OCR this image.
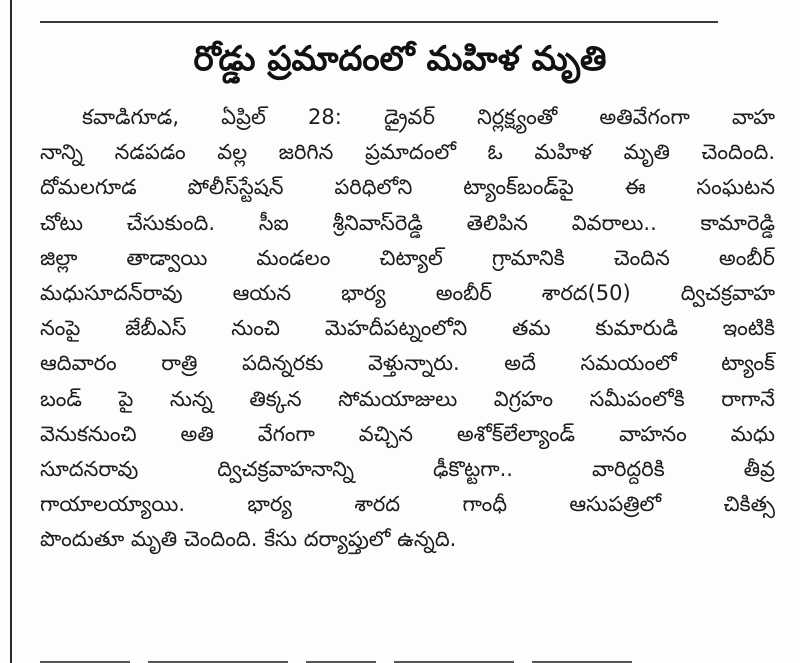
రోడ్డు ప్రమాదంలో మహిళ మృతి
కవాడిగూడ, ఏప్రిల్ 28: డ్రైవర్ నిర్లక్ష్యంతో అతివేగంగా వాహ
నాన్ని నడపడం వల్ల జరిగిన ప్రమాదంలో ఓ మహిళ మృతి చెందింది.
దోమలగూడ పోలీస్‌స్టేషన్ పరిధిలోని ట్యాంక్‌బండ్‌పై ఈ సంఘటన
చోటు చేసుకుంది. సీఐ శ్రీనివాస్‌రెడ్డి తెలిపిన వివరాలు.. కామారెడ్డి
జిల్లా తాడ్వాయి మండలం చిట్యాల్ గ్రామానికి చెందిన అంబీర్
మధుసూదన్‌రావు ఆయన భార్య అంబీర్ శారద(50) ద్విచక్రవాహ
నంపై జేబీఎస్ నుంచి మెహదీపట్నంలోని తమ కుమారుడి ఇంటికి
ఆదివారం రాత్రి పదిన్నరకు వెళ్తున్నారు. అదే సమయంలో ట్యాంక్
బండ్ పై నున్న తిక్కన సోమయాజులు విగ్రహం సమీపంలోకి రాగానే
వెనుకనుంచి అతి వేగంగా వచ్చిన అశోక్‌లేల్యాండ్ వాహనం మధు
సూదనరావు ద్విచక్రవాహనాన్ని ఢీకొట్టగా.. వారిద్దరికి తీవ్ర
గాయాలయ్యాయి. భార్య శారద గాంధీ ఆసుపత్రిలో చికిత్స
పొందుతూ మృతి చెందింది. కేసు దర్యాప్తులో ఉన్నది.
